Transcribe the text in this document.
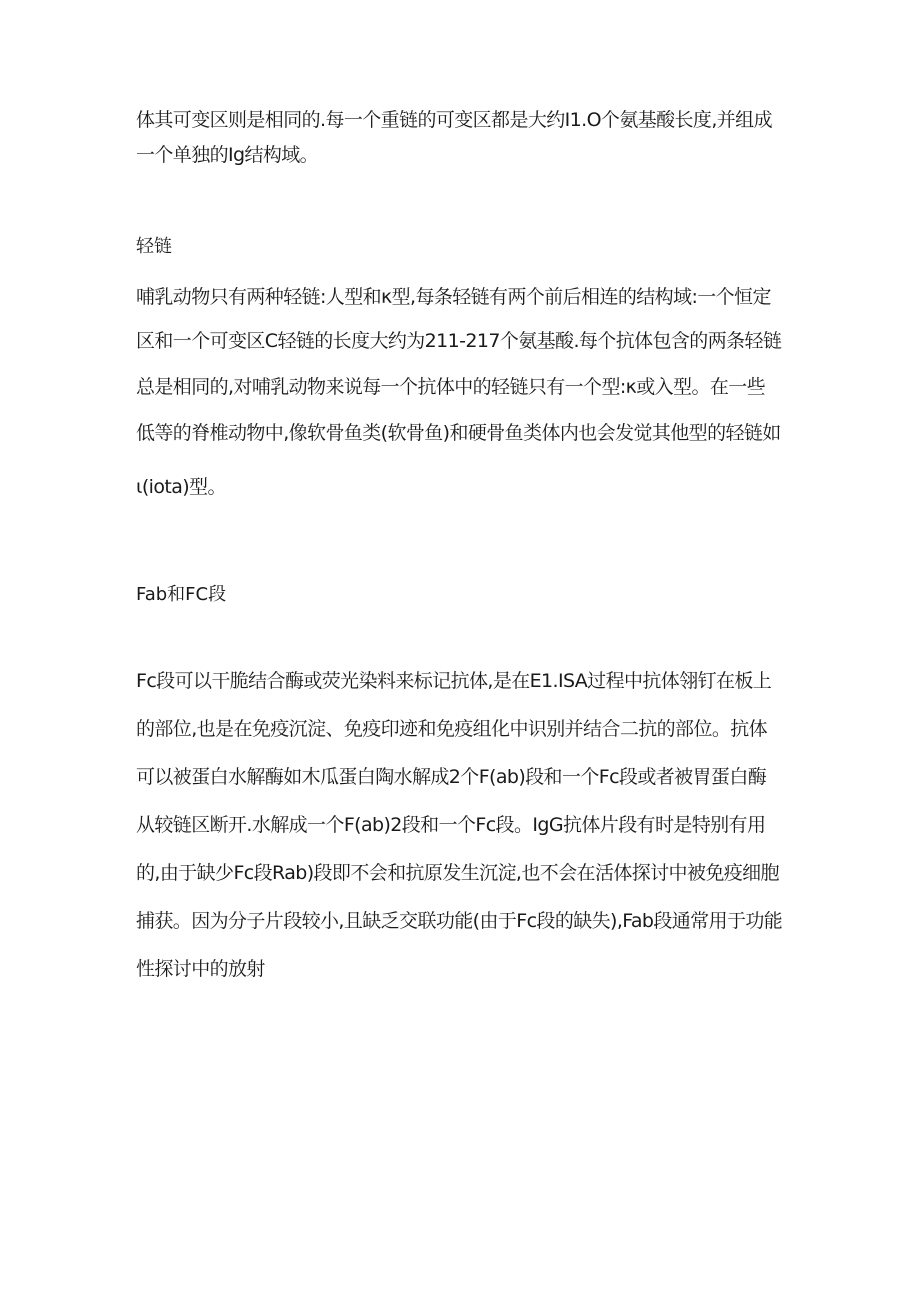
体其可变区则是相同的.每一个重链的可变区都是大约I1.O个氨基酸长度,并组成
一个单独的Ig结构域。
轻链
哺乳动物只有两种轻链:人型和κ型,每条轻链有两个前后相连的结构域:一个恒定
区和一个可变区C轻链的长度大约为211-217个氨基酸.每个抗体包含的两条轻链
总是相同的,对哺乳动物来说每一个抗体中的轻链只有一个型:κ或入型。在一些
低等的脊椎动物中,像软骨鱼类(软骨鱼)和硬骨鱼类体内也会发觉其他型的轻链如
ι(iota)型。
Fab和FC段
Fc段可以干脆结合酶或荧光染料来标记抗体,是在E1.ISA过程中抗体翎钉在板上
的部位,也是在免疫沉淀、免疫印迹和免疫组化中识别并结合二抗的部位。抗体
可以被蛋白水解酶如木瓜蛋白陶水解成2个F(ab)段和一个Fc段或者被胃蛋白酶
从较链区断开.水解成一个F(ab)2段和一个Fc段。IgG抗体片段有时是特别有用
的,由于缺少Fc段Rab)段即不会和抗原发生沉淀,也不会在活体探讨中被免疫细胞
捕获。因为分子片段较小,且缺乏交联功能(由于Fc段的缺失),Fab段通常用于功能
性探讨中的放射
